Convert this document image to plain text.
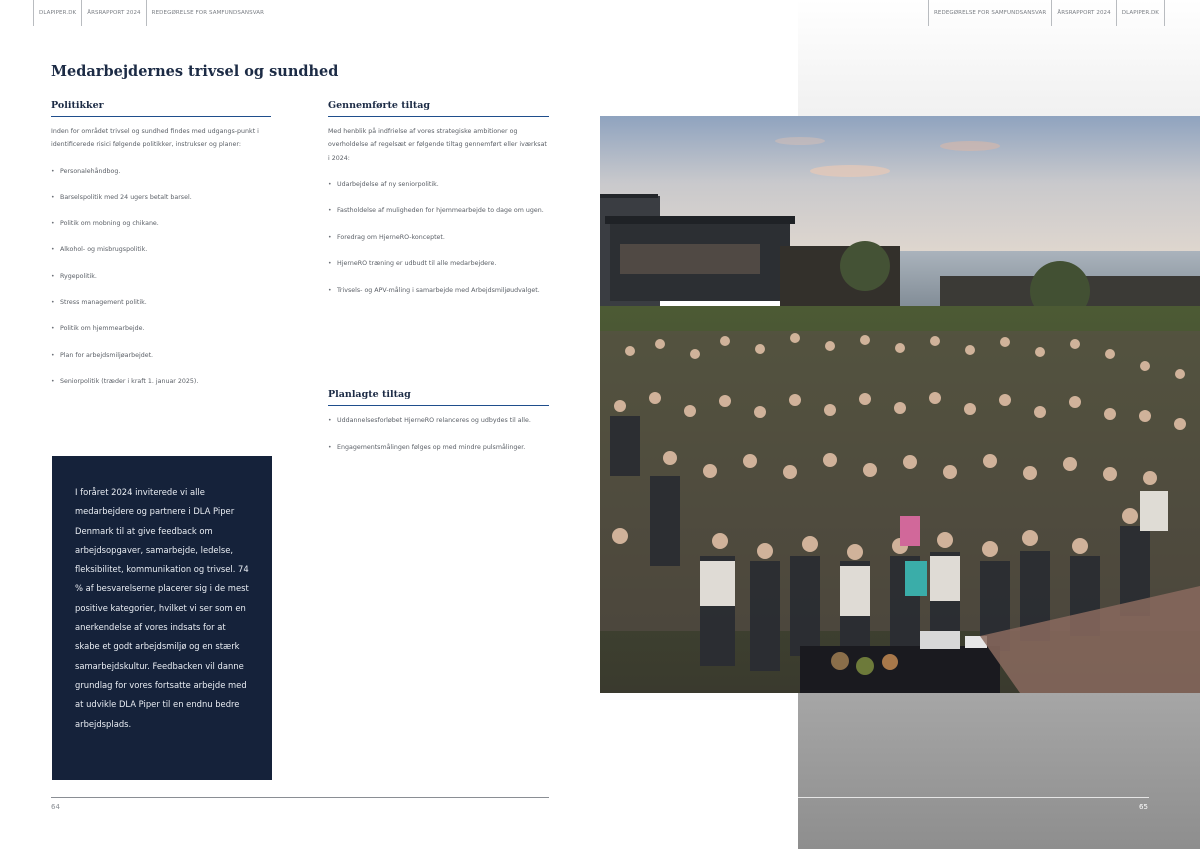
DLAPIPER.DK	ÅRSRAPPORT 2024	REDEGØRELSE FOR SAMFUNDSANSVAR	REDEGØRELSE FOR SAMFUNDSANSVAR	ÅRSRAPPORT 2024	DLAPIPER.DK
Medarbejdernes trivsel og sundhed
Politikker

Inden for området trivsel og sundhed findes med udgangs-punkt i identificerede risici følgende politikker, instrukser og planer:

• Personalehåndbog.
• Barselspolitik med 24 ugers betalt barsel.
• Politik om mobning og chikane.
• Alkohol- og misbrugspolitik.
• Rygepolitik.
• Stress management politik.
• Politik om hjemmearbejde.
• Plan for arbejdsmiljøarbejdet.
• Seniorpolitik (træder i kraft 1. januar 2025).
Gennemførte tiltag

Med henblik på indfrielse af vores strategiske ambitioner og overholdelse af regelsæt er følgende tiltag gennemført eller iværksat i 2024:

• Udarbejdelse af ny seniorpolitik.
• Fastholdelse af muligheden for hjemmearbejde to dage om ugen.
• Foredrag om HjerneRO-konceptet.
• HjerneRO træning er udbudt til alle medarbejdere.
• Trivsels- og APV-måling i samarbejde med Arbejdsmiljøudvalget.
Planlagte tiltag
• Uddannelsesforløbet HjerneRO relanceres og udbydes til alle.
• Engagementsmålingen følges op med mindre pulsmålinger.

I foråret 2024 inviterede vi alle medarbejdere og partnere i DLA Piper Denmark til at give feedback om arbejdsopgaver, samarbejde, ledelse, fleksibilitet, kommunikation og trivsel. 74 % af besvarelserne placerer sig i de mest positive kategorier, hvilket vi ser som en anerkendelse af vores indsats for at skabe et godt arbejdsmiljø og en stærk samarbejdskultur. Feedbacken vil danne grundlag for vores fortsatte arbejde med at udvikle DLA Piper til en endnu bedre arbejdsplads.

64	65
